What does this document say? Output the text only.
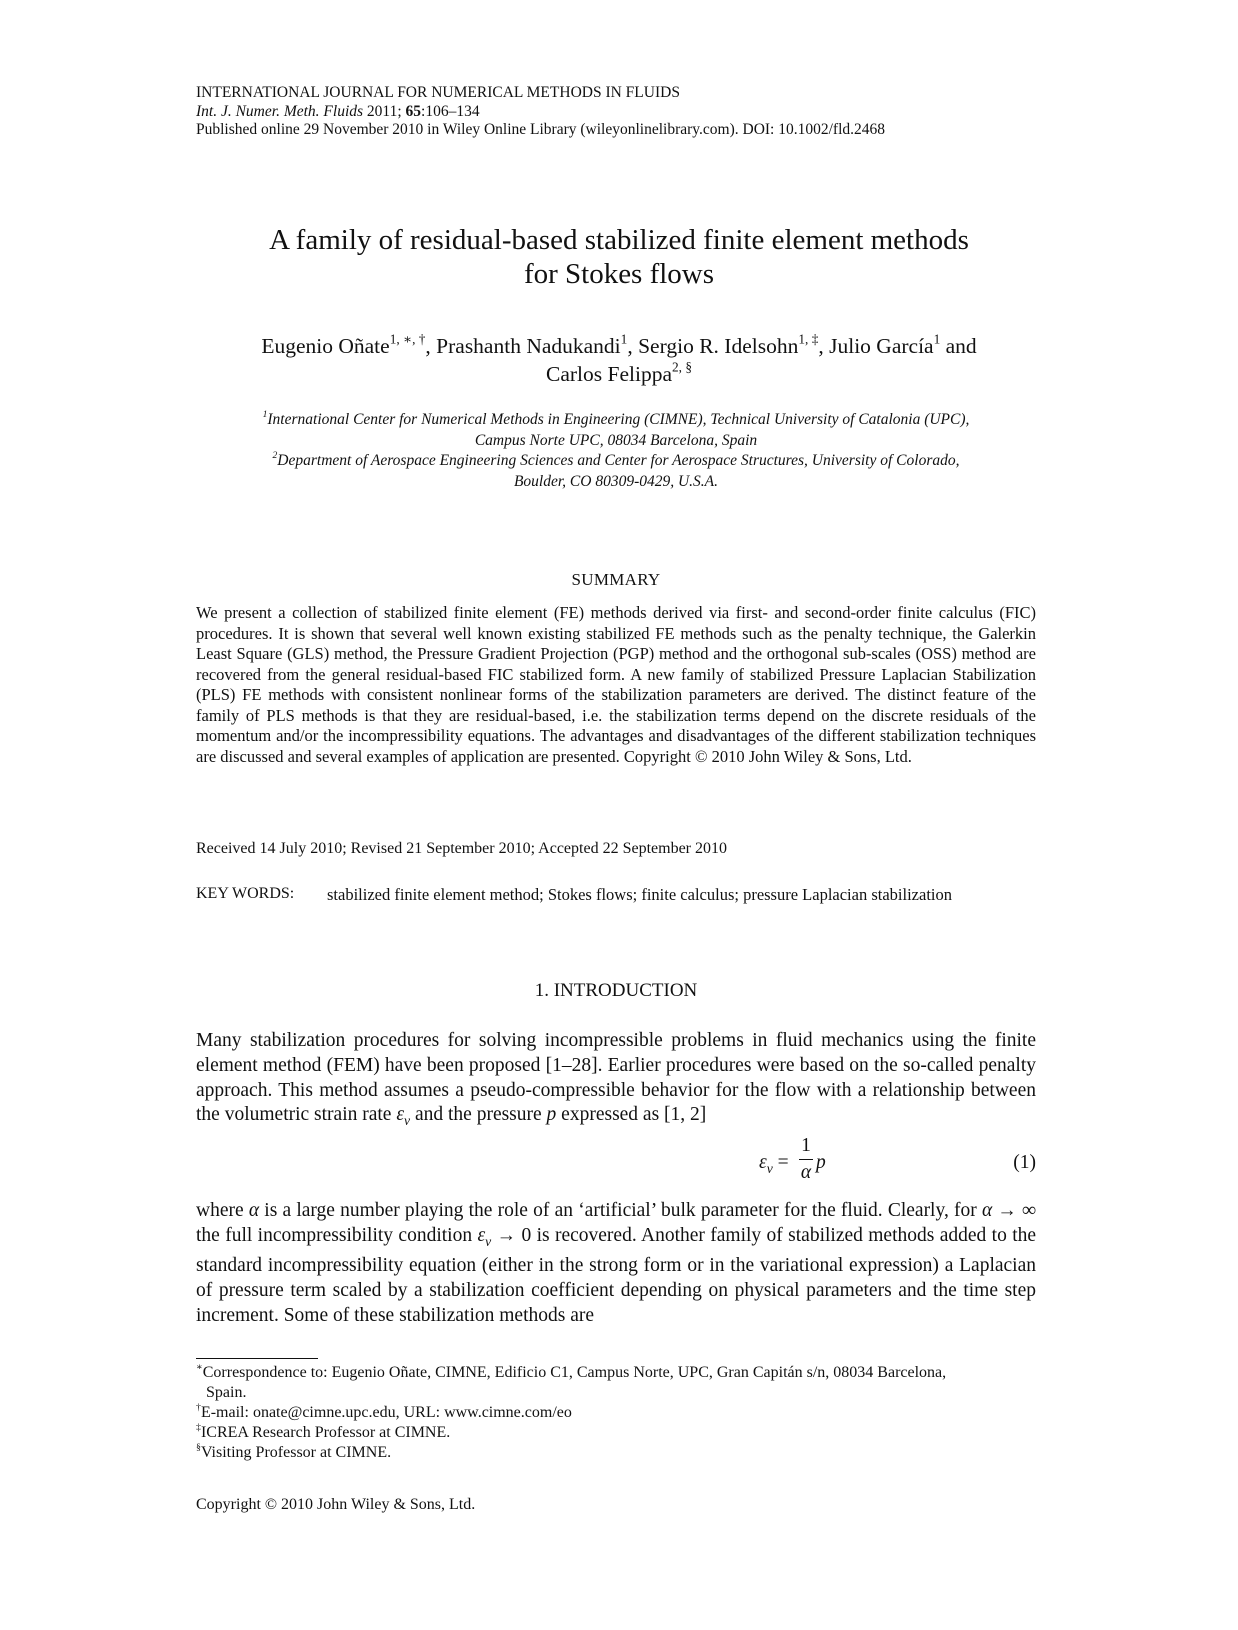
INTERNATIONAL JOURNAL FOR NUMERICAL METHODS IN FLUIDS
Int. J. Numer. Meth. Fluids 2011; 65:106–134
Published online 29 November 2010 in Wiley Online Library (wileyonlinelibrary.com). DOI: 10.1002/fld.2468
A family of residual-based stabilized finite element methods
for Stokes flows
Eugenio Oñate$^{1, ∗, \dagger}$, Prashanth Nadukandi$^1$, Sergio R. Idelsohn$^{1, \ddagger}$, Julio García$^1$ and
Carlos Felippa$^{2, \S}$
$^1$International Center for Numerical Methods in Engineering (CIMNE), Technical University of Catalonia (UPC),
Campus Norte UPC, 08034 Barcelona, Spain
$^2$Department of Aerospace Engineering Sciences and Center for Aerospace Structures, University of Colorado,
Boulder, CO 80309-0429, U.S.A.
SUMMARY
We present a collection of stabilized finite element (FE) methods derived via first- and second-order finite calculus (FIC) procedures. It is shown that several well known existing stabilized FE methods such as the penalty technique, the Galerkin Least Square (GLS) method, the Pressure Gradient Projection (PGP) method and the orthogonal sub-scales (OSS) method are recovered from the general residual-based FIC stabilized form. A new family of stabilized Pressure Laplacian Stabilization (PLS) FE methods with consistent nonlinear forms of the stabilization parameters are derived. The distinct feature of the family of PLS methods is that they are residual-based, i.e. the stabilization terms depend on the discrete residuals of the momentum and/or the incompressibility equations. The advantages and disadvantages of the different stabilization techniques are discussed and several examples of application are presented. Copyright © 2010 John Wiley & Sons, Ltd.
Received 14 July 2010; Revised 21 September 2010; Accepted 22 September 2010
KEY WORDS: stabilized finite element method; Stokes flows; finite calculus; pressure Laplacian stabilization
1. INTRODUCTION
Many stabilization procedures for solving incompressible problems in fluid mechanics using the finite element method (FEM) have been proposed [1–28]. Earlier procedures were based on the so-called penalty approach. This method assumes a pseudo-compressible behavior for the flow with a relationship between the volumetric strain rate $\varepsilon_v$ and the pressure p expressed as [1, 2]
$\varepsilon_v$ =
1
α p	(1)
where α is a large number playing the role of an ‘artificial’ bulk parameter for the fluid. Clearly, for α → ∞ the full incompressibility condition $\varepsilon_v \to 0$ is recovered. Another family of stabilized methods added to the standard incompressibility equation (either in the strong form or in the variational expression) a Laplacian of pressure term scaled by a stabilization coefficient depending on physical parameters and the time step increment. Some of these stabilization methods are
∗Correspondence to: Eugenio Oñate, CIMNE, Edificio C1, Campus Norte, UPC, Gran Capitán s/n, 08034 Barcelona,
Spain.
†E-mail: onate@cimne.upc.edu, URL: www.cimne.com/eo
‡ICREA Research Professor at CIMNE.
§Visiting Professor at CIMNE.
Copyright © 2010 John Wiley & Sons, Ltd.
